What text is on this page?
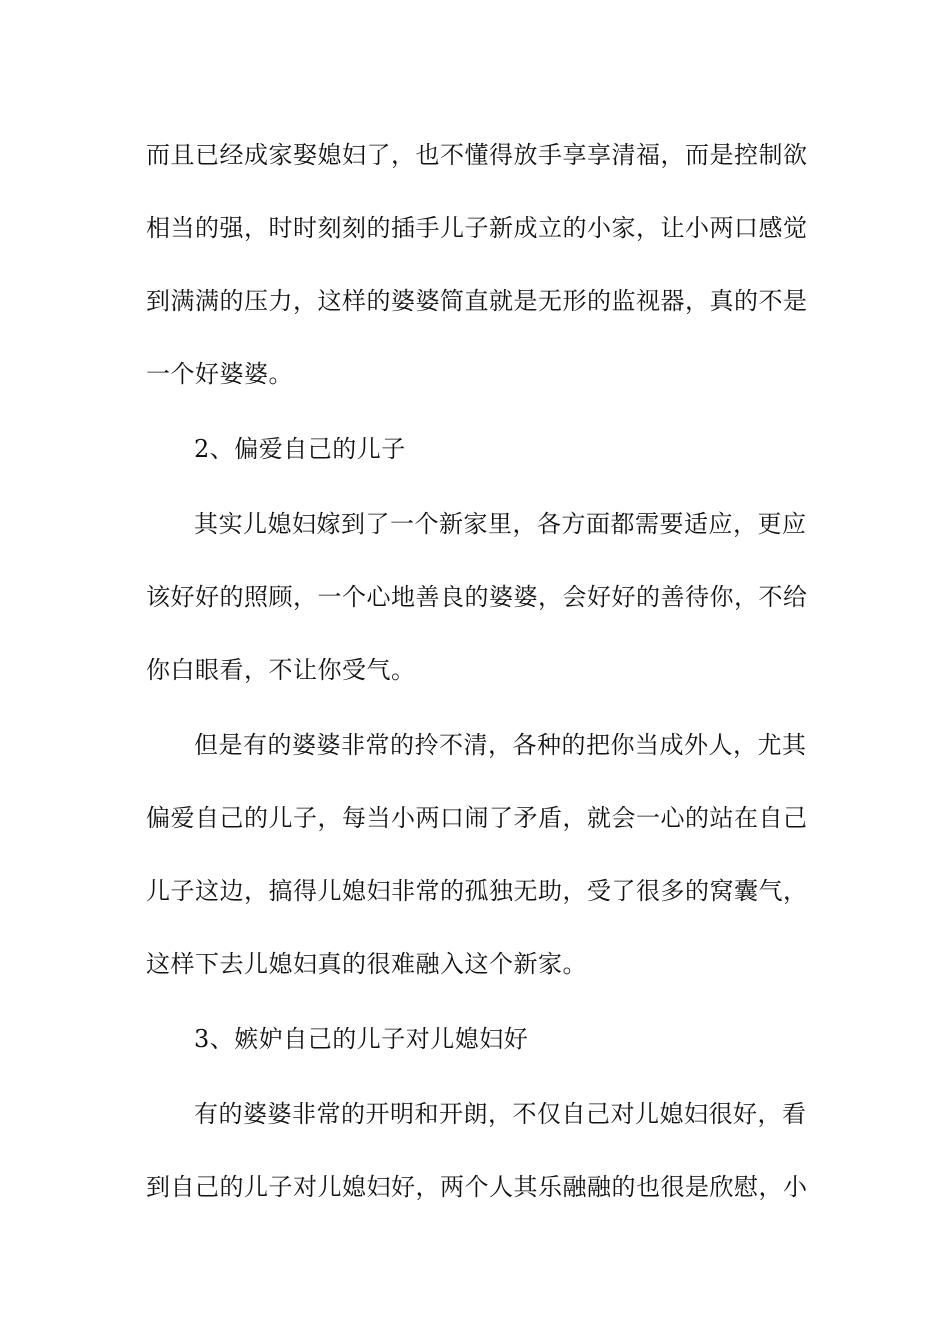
而且已经成家娶媳妇了，也不懂得放手享享清福，而是控制欲
相当的强，时时刻刻的插手儿子新成立的小家，让小两口感觉
到满满的压力，这样的婆婆简直就是无形的监视器，真的不是
一个好婆婆。
2、偏爱自己的儿子
其实儿媳妇嫁到了一个新家里，各方面都需要适应，更应
该好好的照顾，一个心地善良的婆婆，会好好的善待你，不给
你白眼看，不让你受气。
但是有的婆婆非常的拎不清，各种的把你当成外人，尤其
偏爱自己的儿子，每当小两口闹了矛盾，就会一心的站在自己
儿子这边，搞得儿媳妇非常的孤独无助，受了很多的窝囊气，
这样下去儿媳妇真的很难融入这个新家。
3、嫉妒自己的儿子对儿媳妇好
有的婆婆非常的开明和开朗，不仅自己对儿媳妇很好，看
到自己的儿子对儿媳妇好，两个人其乐融融的也很是欣慰，小
